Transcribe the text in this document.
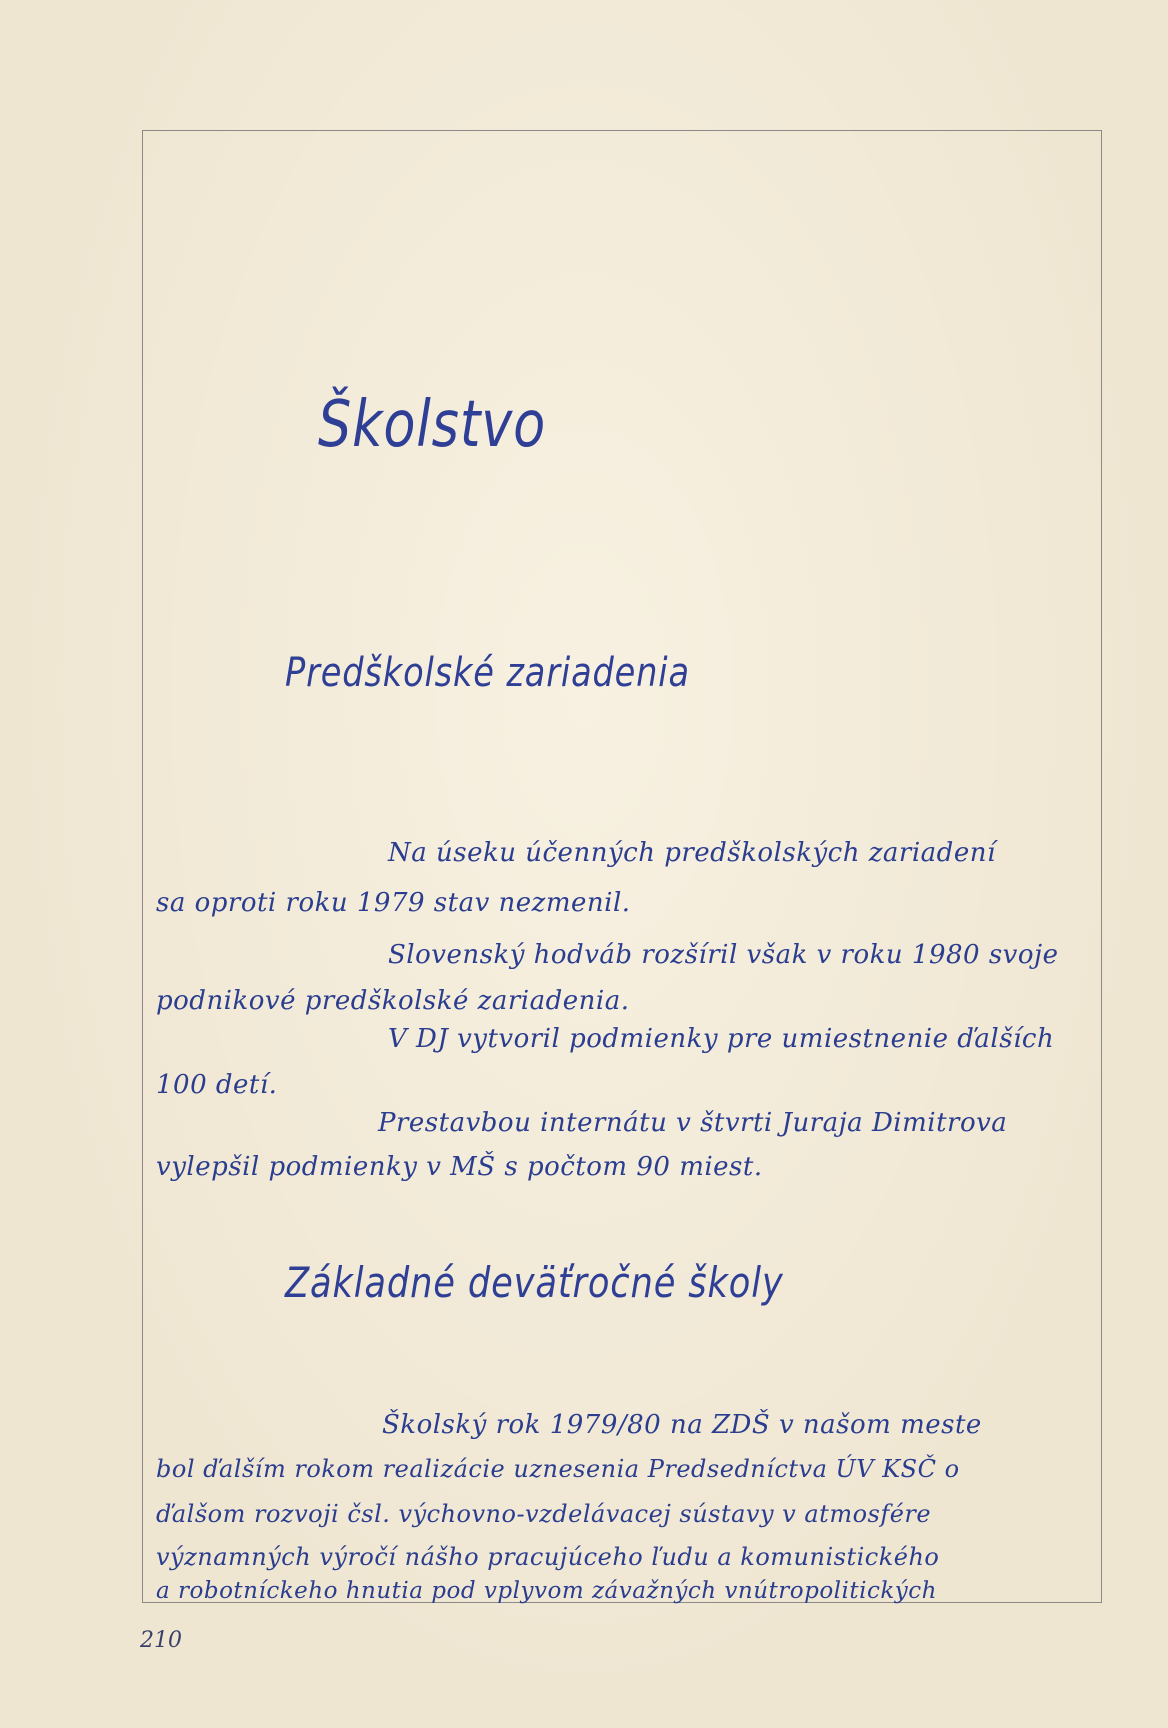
Školstvo
Predškolské zariadenia
Na úseku účenných predškolských zariadení
sa oproti roku 1979 stav nezmenil.
Slovenský hodváb rozšíril však v roku 1980 svoje
podnikové predškolské zariadenia.
V DJ vytvoril podmienky pre umiestnenie ďalších
100 detí.
Prestavbou internátu v štvrti Juraja Dimitrova
vylepšil podmienky v MŠ s počtom 90 miest.
Základné deväťročné školy
Školský rok 1979/80 na ZDŠ v našom meste
bol ďalším rokom realizácie uznesenia Predsedníctva ÚV KSČ o
ďalšom rozvoji čsl. výchovno-vzdelávacej sústavy v atmosfére
významných výročí nášho pracujúceho ľudu a komunistického
a robotníckeho hnutia pod vplyvom závažných vnútropolitických
210
